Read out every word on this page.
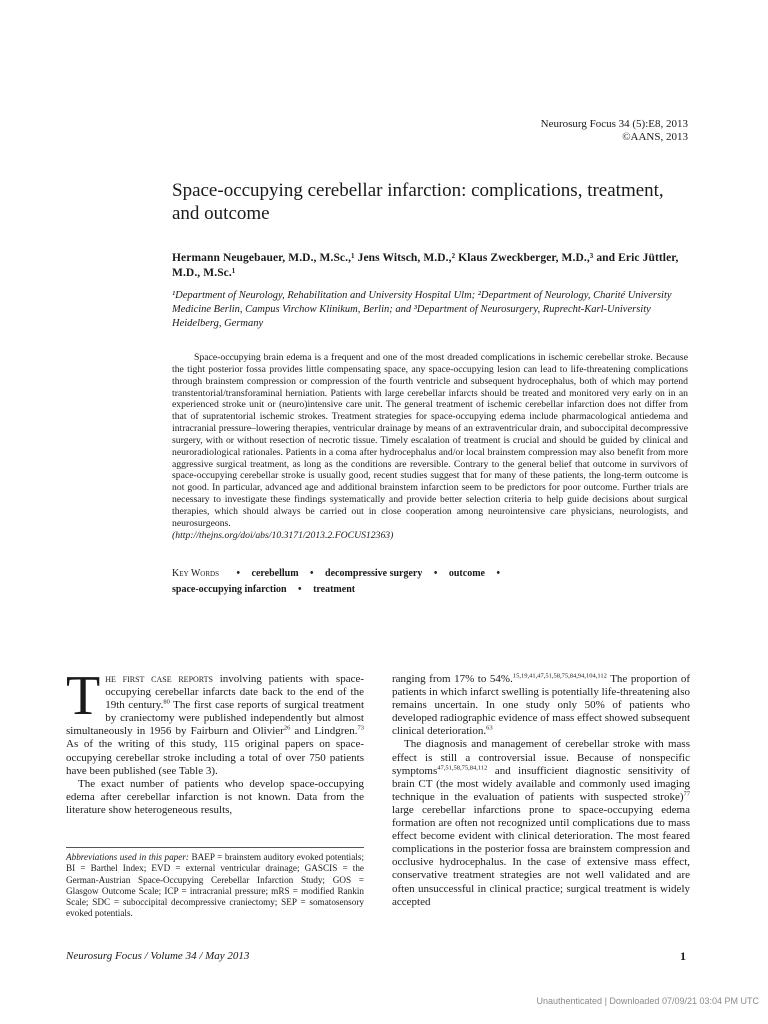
Neurosurg Focus 34 (5):E8, 2013
©AANS, 2013
Space-occupying cerebellar infarction: complications, treatment, and outcome
Hermann Neugebauer, M.D., M.Sc.,¹ Jens Witsch, M.D.,² Klaus Zweckberger, M.D.,³ and Eric Jüttler, M.D., M.Sc.¹
¹Department of Neurology, Rehabilitation and University Hospital Ulm; ²Department of Neurology, Charité University Medicine Berlin, Campus Virchow Klinikum, Berlin; and ³Department of Neurosurgery, Ruprecht-Karl-University Heidelberg, Germany
Space-occupying brain edema is a frequent and one of the most dreaded complications in ischemic cerebellar stroke. Because the tight posterior fossa provides little compensating space, any space-occupying lesion can lead to life-threatening complications through brainstem compression or compression of the fourth ventricle and subsequent hydrocephalus, both of which may portend transtentorial/transforaminal herniation. Patients with large cerebellar infarcts should be treated and monitored very early on in an experienced stroke unit or (neuro)intensive care unit. The general treatment of ischemic cerebellar infarction does not differ from that of supratentorial ischemic strokes. Treatment strategies for space-occupying edema include pharmacological antiedema and intracranial pressure–lowering therapies, ventricular drainage by means of an extraventricular drain, and suboccipital decompressive surgery, with or without resection of necrotic tissue. Timely escalation of treatment is crucial and should be guided by clinical and neuroradiological rationales. Patients in a coma after hydrocephalus and/or local brainstem compression may also benefit from more aggressive surgical treatment, as long as the conditions are reversible. Contrary to the general belief that outcome in survivors of space-occupying cerebellar stroke is usually good, recent studies suggest that for many of these patients, the long-term outcome is not good. In particular, advanced age and additional brainstem infarction seem to be predictors for poor outcome. Further trials are necessary to investigate these findings systematically and provide better selection criteria to help guide decisions about surgical therapies, which should always be carried out in close cooperation among neurointensive care physicians, neurologists, and neurosurgeons.
(http://thejns.org/doi/abs/10.3171/2013.2.FOCUS12363)
Key Words • cerebellum • decompressive surgery • outcome •
space-occupying infarction • treatment

The first case reports involving patients with space-occupying cerebellar infarcts date back to the end of the 19th century.$^{80}$ The first case reports of surgical treatment by craniectomy were published independently but almost simultaneously in 1956 by Fairburn and Olivier$^{26}$ and Lindgren.$^{73}$ As of the writing of this study, 115 original papers on space-occupying cerebellar stroke including a total of over 750 patients have been published (see Table 3).

The exact number of patients who develop space-occupying edema after cerebellar infarction is not known. Data from the literature show heterogeneous results,

Abbreviations used in this paper: BAEP = brainstem auditory evoked potentials; BI = Barthel Index; EVD = external ventricular drainage; GASCIS = the German-Austrian Space-Occupying Cerebellar Infarction Study; GOS = Glasgow Outcome Scale; ICP = intracranial pressure; mRS = modified Rankin Scale; SDC = suboccipital decompressive craniectomy; SEP = somatosensory evoked potentials.

ranging from 17% to 54%.$^{15,19,41,47,51,58,75,84,94,104,112}$ The proportion of patients in which infarct swelling is potentially life-threatening also remains uncertain. In one study only 50% of patients who developed radiographic evidence of mass effect showed subsequent clinical deterioration.$^{63}$

The diagnosis and management of cerebellar stroke with mass effect is still a controversial issue. Because of nonspecific symptoms$^{47,51,58,75,84,112}$ and insufficient diagnostic sensitivity of brain CT (the most widely available and commonly used imaging technique in the evaluation of patients with suspected stroke)$^{77}$ large cerebellar infarctions prone to space-occupying edema formation are often not recognized until complications due to mass effect become evident with clinical deterioration. The most feared complications in the posterior fossa are brainstem compression and occlusive hydrocephalus. In the case of extensive mass effect, conservative treatment strategies are not well validated and are often unsuccessful in clinical practice; surgical treatment is widely accepted

Neurosurg Focus / Volume 34 / May 2013	1
Unauthenticated | Downloaded 07/09/21 03:04 PM UTC
